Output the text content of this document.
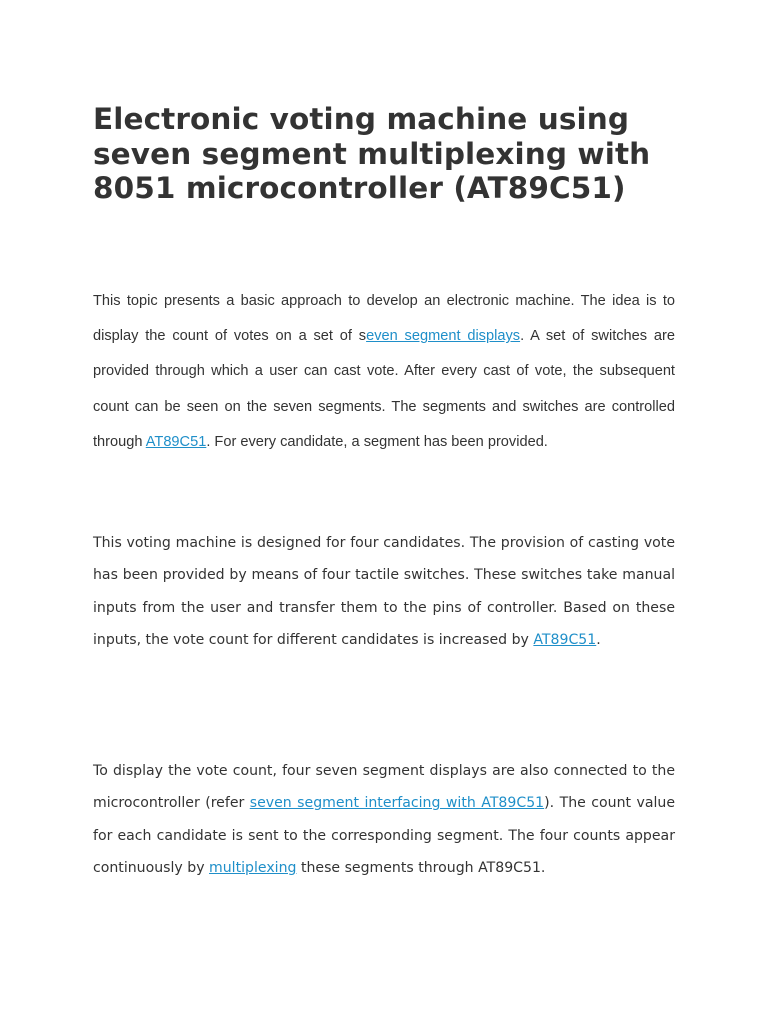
Electronic voting machine using seven segment multiplexing with 8051 microcontroller (AT89C51)

This topic presents a basic approach to develop an electronic machine. The idea is to display the count of votes on a set of seven segment displays. A set of switches are provided through which a user can cast vote. After every cast of vote, the subsequent count can be seen on the seven segments. The segments and switches are controlled through AT89C51. For every candidate, a segment has been provided.

This voting machine is designed for four candidates. The provision of casting vote has been provided by means of four tactile switches. These switches take manual inputs from the user and transfer them to the pins of controller. Based on these inputs, the vote count for different candidates is increased by AT89C51.

To display the vote count, four seven segment displays are also connected to the microcontroller (refer seven segment interfacing with AT89C51). The count value for each candidate is sent to the corresponding segment. The four counts appear continuously by multiplexing these segments through AT89C51.
